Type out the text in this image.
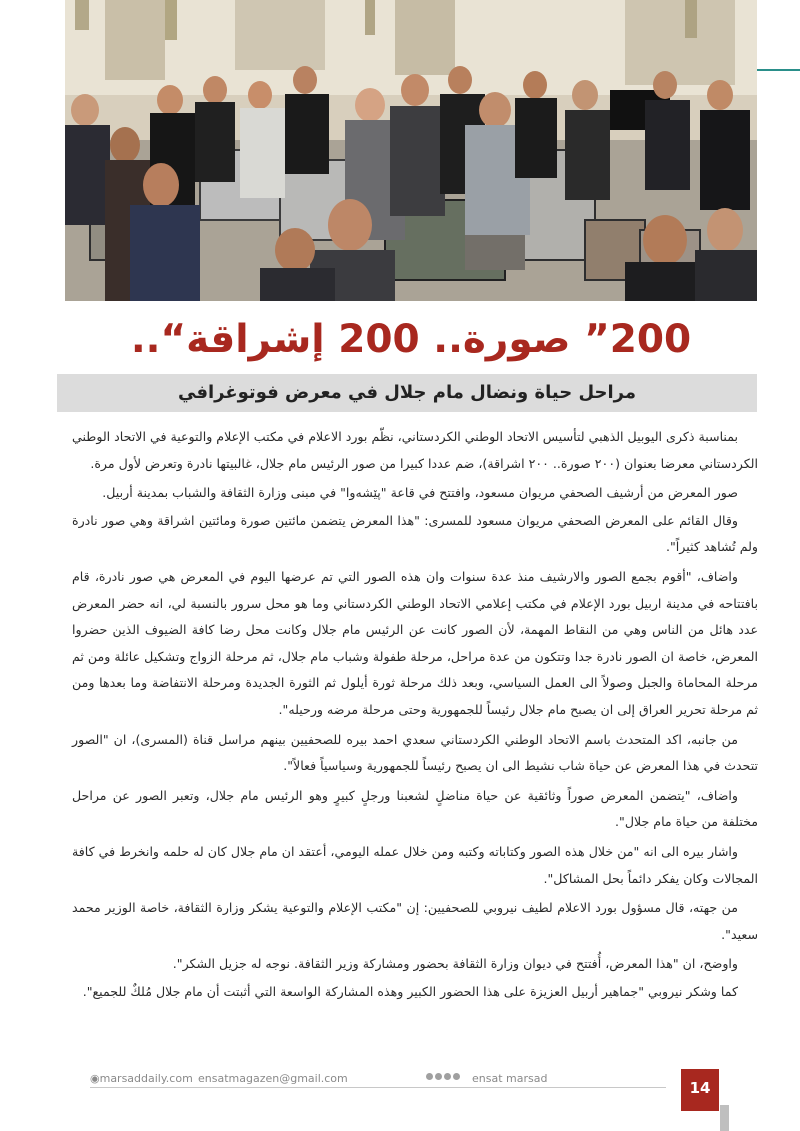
200” صورة.. 200 إشراقة“..
مراحل حياة ونضال مام جلال في معرض فوتوغرافي

بمناسبة ذكرى اليوبيل الذهبي لتأسيس الاتحاد الوطني الكردستاني، نظّم بورد الاعلام في مكتب الإعلام والتوعية في الاتحاد الوطني الكردستاني معرضا بعنوان (٢٠٠ صورة.. ٢٠٠ اشراقة)، ضم عددا كبيرا من صور الرئيس مام جلال، غالبيتها نادرة وتعرض لأول مرة.

صور المعرض من أرشيف الصحفي مريوان مسعود، وافتتح في قاعة "پێشەوا" في مبنى وزارة الثقافة والشباب بمدينة أربيل.

وقال القائم على المعرض الصحفي مريوان مسعود للمسرى: "هذا المعرض يتضمن مائتين صورة ومائتين اشراقة وهي صور نادرة ولم تُشاهد كثيراً".

واضاف، "أقوم بجمع الصور والارشيف منذ عدة سنوات وان هذه الصور التي تم عرضها اليوم في المعرض هي صور نادرة، قام بافتتاحه في مدينة اربيل بورد الإعلام في مكتب إعلامي الاتحاد الوطني الكردستاني وما هو محل سرور بالنسبة لي، انه حضر المعرض عدد هائل من الناس وهي من النقاط المهمة، لأن الصور كانت عن الرئيس مام جلال وكانت محل رضا كافة الضيوف الذين حضروا المعرض، خاصة ان الصور نادرة جدا وتتكون من عدة مراحل، مرحلة طفولة وشباب مام جلال، ثم مرحلة الزواج وتشكيل عائلة ومن ثم مرحلة المحاماة والجبل وصولاً الى العمل السياسي، وبعد ذلك مرحلة ثورة أيلول ثم الثورة الجديدة ومرحلة الانتفاضة وما بعدها ومن ثم مرحلة تحرير العراق إلى ان يصبح مام جلال رئيساً للجمهورية وحتى مرحلة مرضه ورحيله".

من جانبه، اكد المتحدث باسم الاتحاد الوطني الكردستاني سعدي احمد بيره للصحفيين بينهم مراسل قناة (المسرى)، ان "الصور تتحدث في هذا المعرض عن حياة شاب نشيط الى ان يصبح رئيساً للجمهورية وسياسياً فعالاً".

واضاف، "يتضمن المعرض صوراً وثائقية عن حياة مناضلٍ لشعبنا ورجلٍ كبيرٍ وهو الرئيس مام جلال، وتعبر الصور عن مراحل مختلفة من حياة مام جلال".

واشار بيره الى انه "من خلال هذه الصور وكتاباته وكتبه ومن خلال عمله اليومي، أعتقد ان مام جلال كان له حلمه وانخرط في كافة المجالات وكان يفكر دائماً بحل المشاكل".

من جهته، قال مسؤول بورد الاعلام لطيف نيروبي للصحفيين: إن "مكتب الإعلام والتوعية يشكر وزارة الثقافة، خاصة الوزير محمد سعيد".

واوضح، ان "هذا المعرض، أُفتتح في ديوان وزارة الثقافة بحضور ومشاركة وزير الثقافة. نوجه له جزيل الشكر".

كما وشكر نيروبي "جماهير أربيل العزيزة على هذا الحضور الكبير وهذه المشاركة الواسعة التي أثبتت أن مام جلال مُلكٌ للجميع".

◉marsaddaily.com ensatmagazen@gmail.com	ensat marsad
14
